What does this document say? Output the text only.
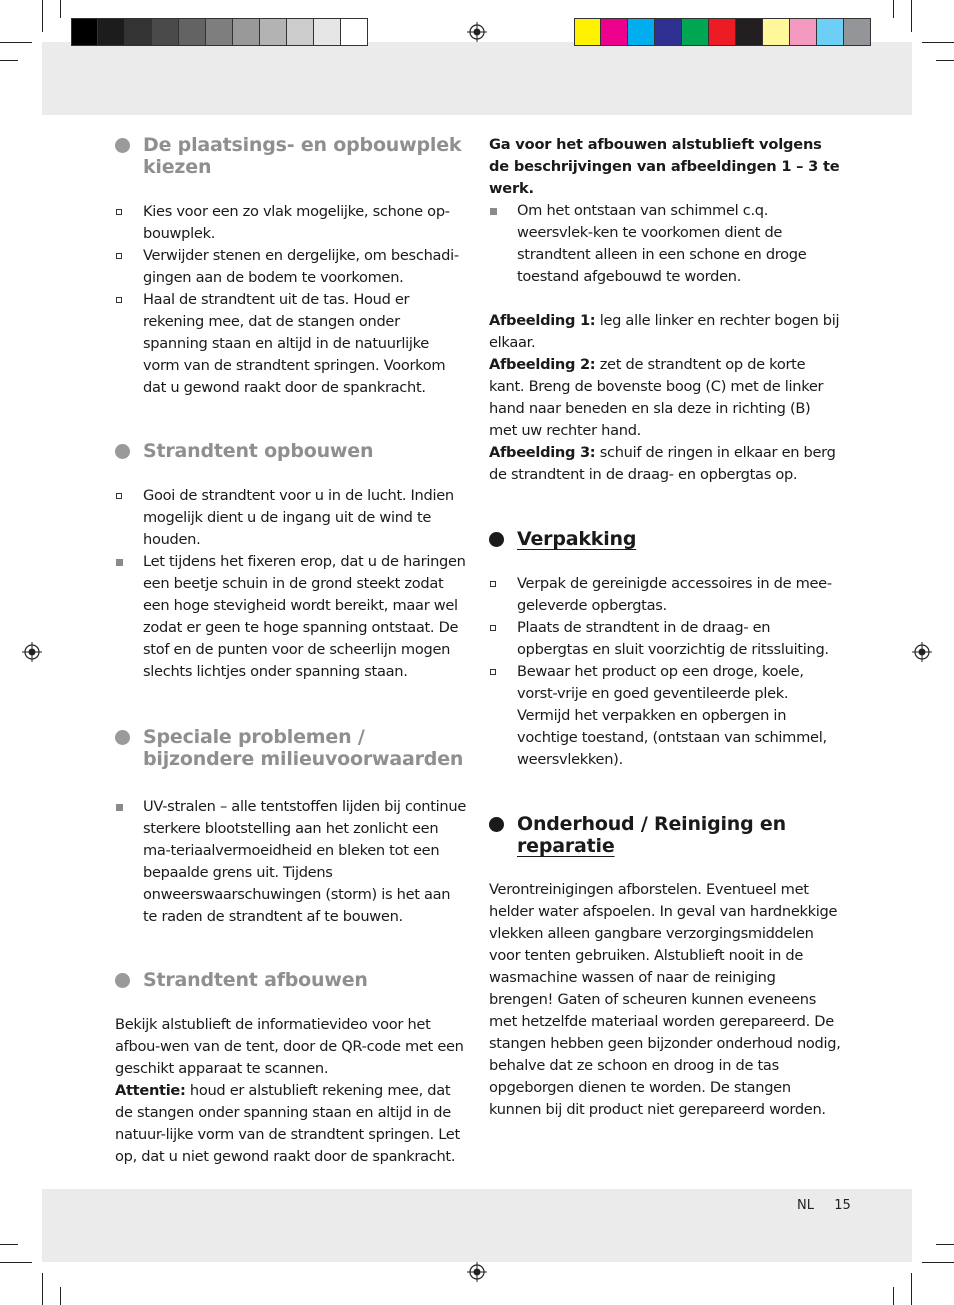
De plaatsings- en opbouwplek kiezen
Kies voor een zo vlak mogelijke, schone op-bouwplek.
Verwijder stenen en dergelijke, om beschadi-gingen aan de bodem te voorkomen.
Haal de strandtent uit de tas. Houd er rekening mee, dat de stangen onder spanning staan en altijd in de natuurlijke vorm van de strandtent springen. Voorkom dat u gewond raakt door de spankracht.
Strandtent opbouwen
Gooi de strandtent voor u in de lucht. Indien mogelijk dient u de ingang uit de wind te houden.
Let tijdens het fixeren erop, dat u de haringen een beetje schuin in de grond steekt zodat een hoge stevigheid wordt bereikt, maar wel zodat er geen te hoge spanning ontstaat. De stof en de punten voor de scheerlijn mogen slechts lichtjes onder spanning staan.
Speciale problemen / bijzondere milieuvoorwaarden
UV-stralen – alle tentstoffen lijden bij continue sterkere blootstelling aan het zonlicht een ma-teriaalvermoeidheid en bleken tot een bepaalde grens uit. Tijdens onweerswaarschuwingen (storm) is het aan te raden de strandtent af te bouwen.
Strandtent afbouwen

Bekijk alstublieft de informatievideo voor het afbou-wen van de tent, door de QR-code met een geschikt apparaat te scannen.

Attentie: houd er alstublieft rekening mee, dat de stangen onder spanning staan en altijd in de natuur-lijke vorm van de strandtent springen. Let op, dat u niet gewond raakt door de spankracht.

Ga voor het afbouwen alstublieft volgens de beschrijvingen van afbeeldingen 1 – 3 te werk.

Om het ontstaan van schimmel c.q. weersvlek-ken te voorkomen dient de strandtent alleen in een schone en droge toestand afgebouwd te worden.

Afbeelding 1: leg alle linker en rechter bogen bij elkaar.

Afbeelding 2: zet de strandtent op de korte kant. Breng de bovenste boog (C) met de linker hand naar beneden en sla deze in richting (B) met uw rechter hand.

Afbeelding 3: schuif de ringen in elkaar en berg de strandtent in de draag- en opbergtas op.

Verpakking
Verpak de gereinigde accessoires in de mee-geleverde opbergtas.
Plaats de strandtent in de draag- en opbergtas en sluit voorzichtig de ritssluiting.
Bewaar het product op een droge, koele, vorst-vrije en goed geventileerde plek. Vermijd het verpakken en opbergen in vochtige toestand, (ontstaan van schimmel, weersvlekken).
Onderhoud / Reiniging en
reparatie

Verontreinigingen afborstelen. Eventueel met helder water afspoelen. In geval van hardnekkige vlekken alleen gangbare verzorgingsmiddelen voor tenten gebruiken. Alstublieft nooit in de wasmachine wassen of naar de reiniging brengen! Gaten of scheuren kunnen eveneens met hetzelfde materiaal worden gerepareerd. De stangen hebben geen bijzonder onderhoud nodig, behalve dat ze schoon en droog in de tas opgeborgen dienen te worden. De stangen kunnen bij dit product niet gerepareerd worden.

NL 15
